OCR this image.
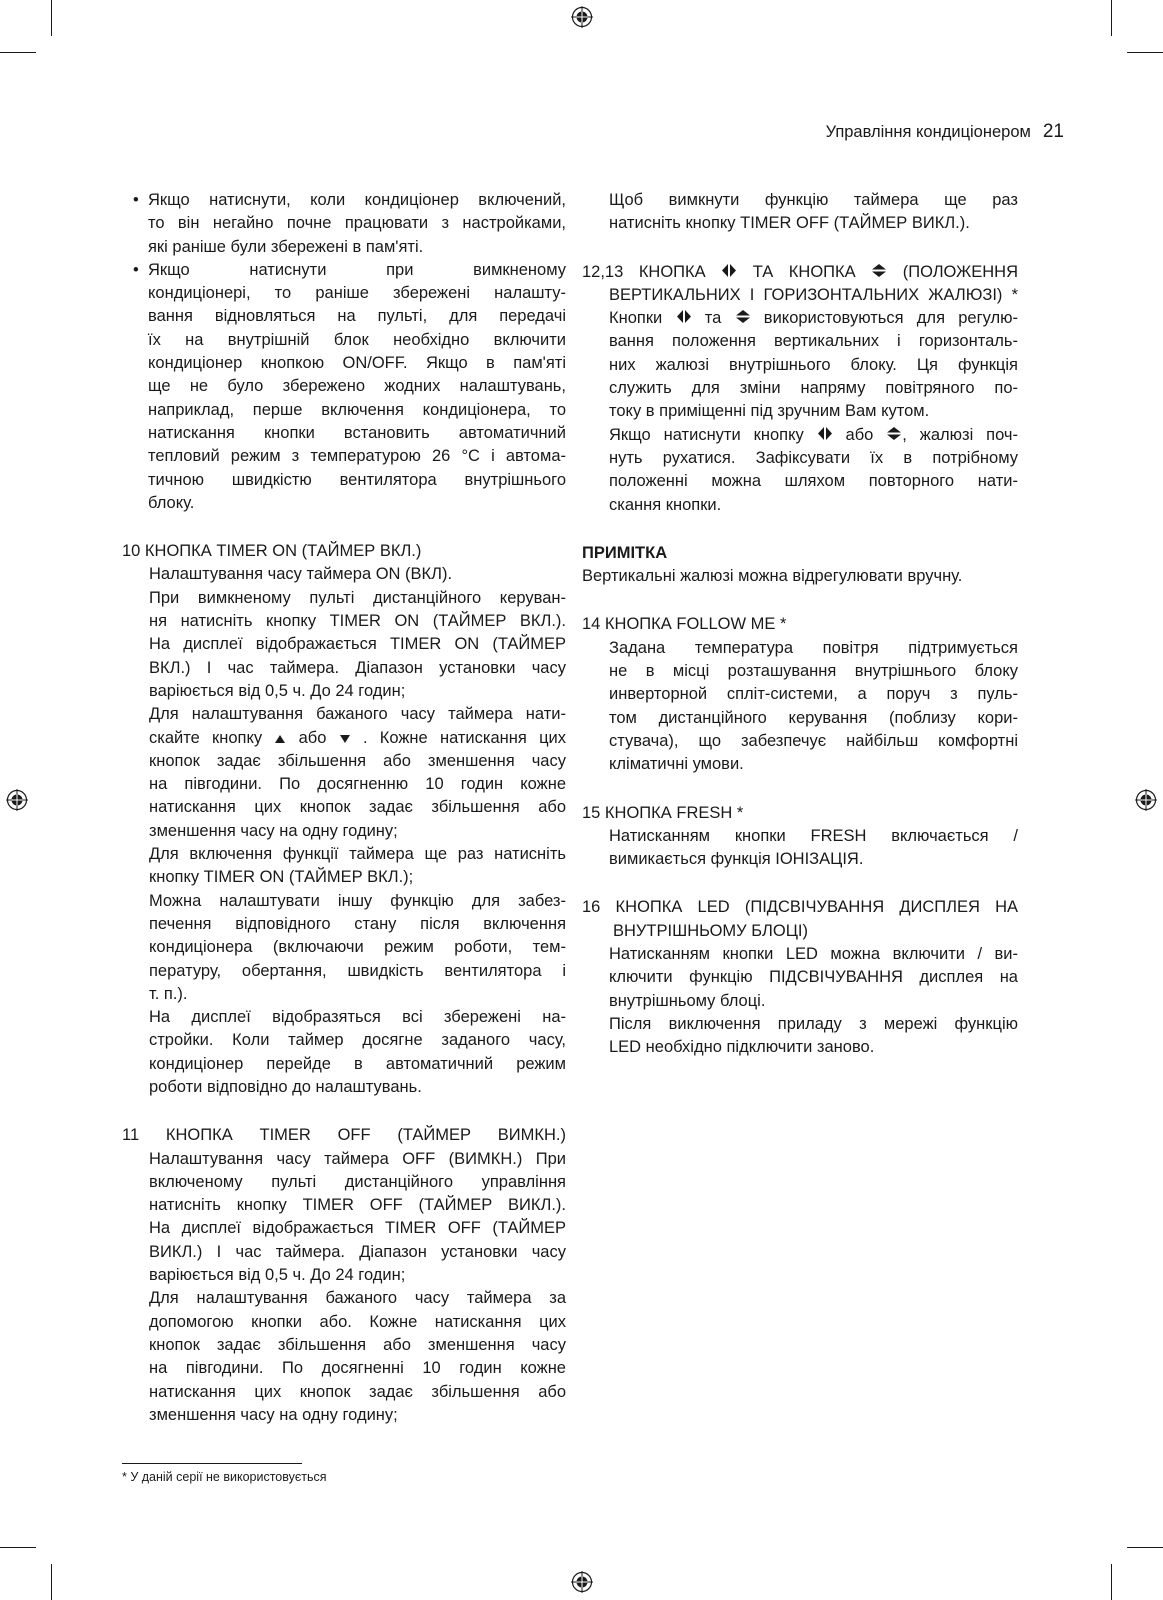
Управління кондиціонером 21
• Якщо натиснути, коли кондиціонер включений,

то він негайно почне працювати з настройками,

які раніше були збережені в пам'яті.

• Якщо натиснути при вимкненому

кондиціонері, то раніше збережені налашту-

вання відновляться на пульті, для передачі

їх на внутрішній блок необхідно включити

кондиціонер кнопкою ON/OFF. Якщо в пам'яті

ще не було збережено жодних налаштувань,

наприклад, перше включення кондиціонера, то

натискання кнопки встановить автоматичний

тепловий режим з температурою 26 °С і автома-

тичною швидкістю вентилятора внутрішнього

блоку.

10 КНОПКА TIMER ON (ТАЙМЕР ВКЛ.)

Налаштування часу таймера ON (ВКЛ).

При вимкненому пульті дистанційного керуван-

ня натисніть кнопку TIMER ON (ТАЙМЕР ВКЛ.).

На дисплеї відображається TIMER ON (ТАЙМЕР

ВКЛ.) I час таймера. Діапазон установки часу

варіюється від 0,5 ч. До 24 годин;

Для налаштування бажаного часу таймера нати-

скайте кнопку  або  . Кожне натискання цих

кнопок задає збільшення або зменшення часу

на півгодини. По досягненню 10 годин кожне

натискання цих кнопок задає збільшення або

зменшення часу на одну годину;

Для включення функції таймера ще раз натисніть

кнопку TIMER ON (ТАЙМЕР ВКЛ.);

Можна налаштувати іншу функцію для забез-

печення відповідного стану після включення

кондиціонера (включаючи режим роботи, тем-

пературу, обертання, швидкість вентилятора і

т. п.).

На дисплеї відобразяться всі збережені на-

стройки. Коли таймер досягне заданого часу,

кондиціонер перейде в автоматичний режим

роботи відповідно до налаштувань.

11 КНОПКА TIMER OFF (ТАЙМЕР ВИМКН.)

Налаштування часу таймера OFF (ВИМКН.) При

включеному пульті дистанційного управління

натисніть кнопку TIMER OFF (ТАЙМЕР ВИКЛ.).

На дисплеї відображається TIMER OFF (ТАЙМЕР

ВИКЛ.) I час таймера. Діапазон установки часу

варіюється від 0,5 ч. До 24 годин;

Для налаштування бажаного часу таймера за

допомогою кнопки або. Кожне натискання цих

кнопок задає збільшення або зменшення часу

на півгодини. По досягненні 10 годин кожне

натискання цих кнопок задає збільшення або

зменшення часу на одну годину;

Щоб вимкнути функцію таймера ще раз

натисніть кнопку TIMER OFF (ТАЙМЕР ВИКЛ.).

12,13 КНОПКА  ТА КНОПКА  (ПОЛОЖЕННЯ

ВЕРТИКАЛЬНИХ І ГОРИЗОНТАЛЬНИХ ЖАЛЮЗІ) *

Кнопки  та  використовуються для регулю-

вання положення вертикальних і горизонталь-

них жалюзі внутрішнього блоку. Ця функція

служить для зміни напряму повітряного по-

току в приміщенні під зручним Вам кутом.

Якщо натиснути кнопку  або , жалюзі поч-

нуть рухатися. Зафіксувати їх в потрібному

положенні можна шляхом повторного нати-

скання кнопки.

ПРИМІТКА

Вертикальні жалюзі можна відрегулювати вручну.

14 КНОПКА FOLLOW ME *

Задана температура повітря підтримується

не в місці розташування внутрішнього блоку

инверторной спліт-системи, а поруч з пуль-

том дистанційного керування (поблизу кори-

стувача), що забезпечує найбільш комфортні

кліматичні умови.

15 КНОПКА FRESH *

Натисканням кнопки FRESH включається /

вимикається функція ІОНІЗАЦІЯ.

16 КНОПКА LED (ПІДСВІЧУВАННЯ ДИСПЛЕЯ НА

ВНУТРІШНЬОМУ БЛОЦІ)

Натисканням кнопки LED можна включити / ви-

ключити функцію ПІДСВІЧУВАННЯ дисплея на

внутрішньому блоці.

Після виключення приладу з мережі функцію

LED необхідно підключити заново.

* У даній серії не використовується
